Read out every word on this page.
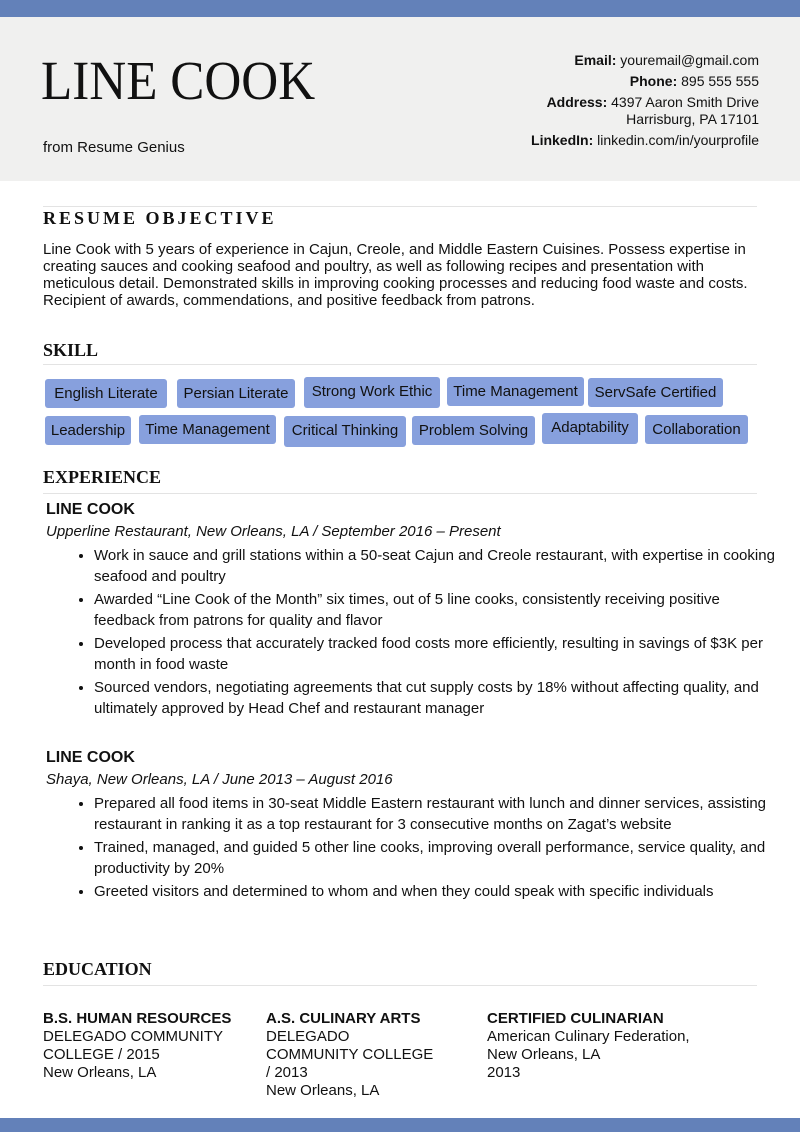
LINE COOK
from Resume Genius
Email: youremail@gmail.com
Phone: 895 555 555
Address: 4397 Aaron Smith Drive
Harrisburg, PA 17101
LinkedIn: linkedin.com/in/yourprofile
RESUME OBJECTIVE
Line Cook with 5 years of experience in Cajun, Creole, and Middle Eastern Cuisines. Possess expertise in creating sauces and cooking seafood and poultry, as well as following recipes and presentation with meticulous detail. Demonstrated skills in improving cooking processes and reducing food waste and costs. Recipient of awards, commendations, and positive feedback from patrons.
SKILL
English Literate	Persian Literate	Strong Work Ethic	Time Management	ServSafe Certified
Leadership	Time Management	Critical Thinking	Problem Solving	Adaptability	Collaboration
EXPERIENCE
LINE COOK
Upperline Restaurant, New Orleans, LA / September 2016 – Present
• Work in sauce and grill stations within a 50-seat Cajun and Creole restaurant, with expertise in cooking seafood and poultry
• Awarded “Line Cook of the Month” six times, out of 5 line cooks, consistently receiving positive feedback from patrons for quality and flavor
• Developed process that accurately tracked food costs more efficiently, resulting in savings of $3K per month in food waste
• Sourced vendors, negotiating agreements that cut supply costs by 18% without affecting quality, and ultimately approved by Head Chef and restaurant manager
LINE COOK
Shaya, New Orleans, LA / June 2013 – August 2016
• Prepared all food items in 30-seat Middle Eastern restaurant with lunch and dinner services, assisting restaurant in ranking it as a top restaurant for 3 consecutive months on Zagat’s website
• Trained, managed, and guided 5 other line cooks, improving overall performance, service quality, and productivity by 20%
• Greeted visitors and determined to whom and when they could speak with specific individuals
EDUCATION
B.S. HUMAN RESOURCES
DELEGADO COMMUNITY COLLEGE / 2015
New Orleans, LA
A.S. CULINARY ARTS
DELEGADO COMMUNITY COLLEGE / 2013
New Orleans, LA
CERTIFIED CULINARIAN
American Culinary Federation, New Orleans, LA
2013
